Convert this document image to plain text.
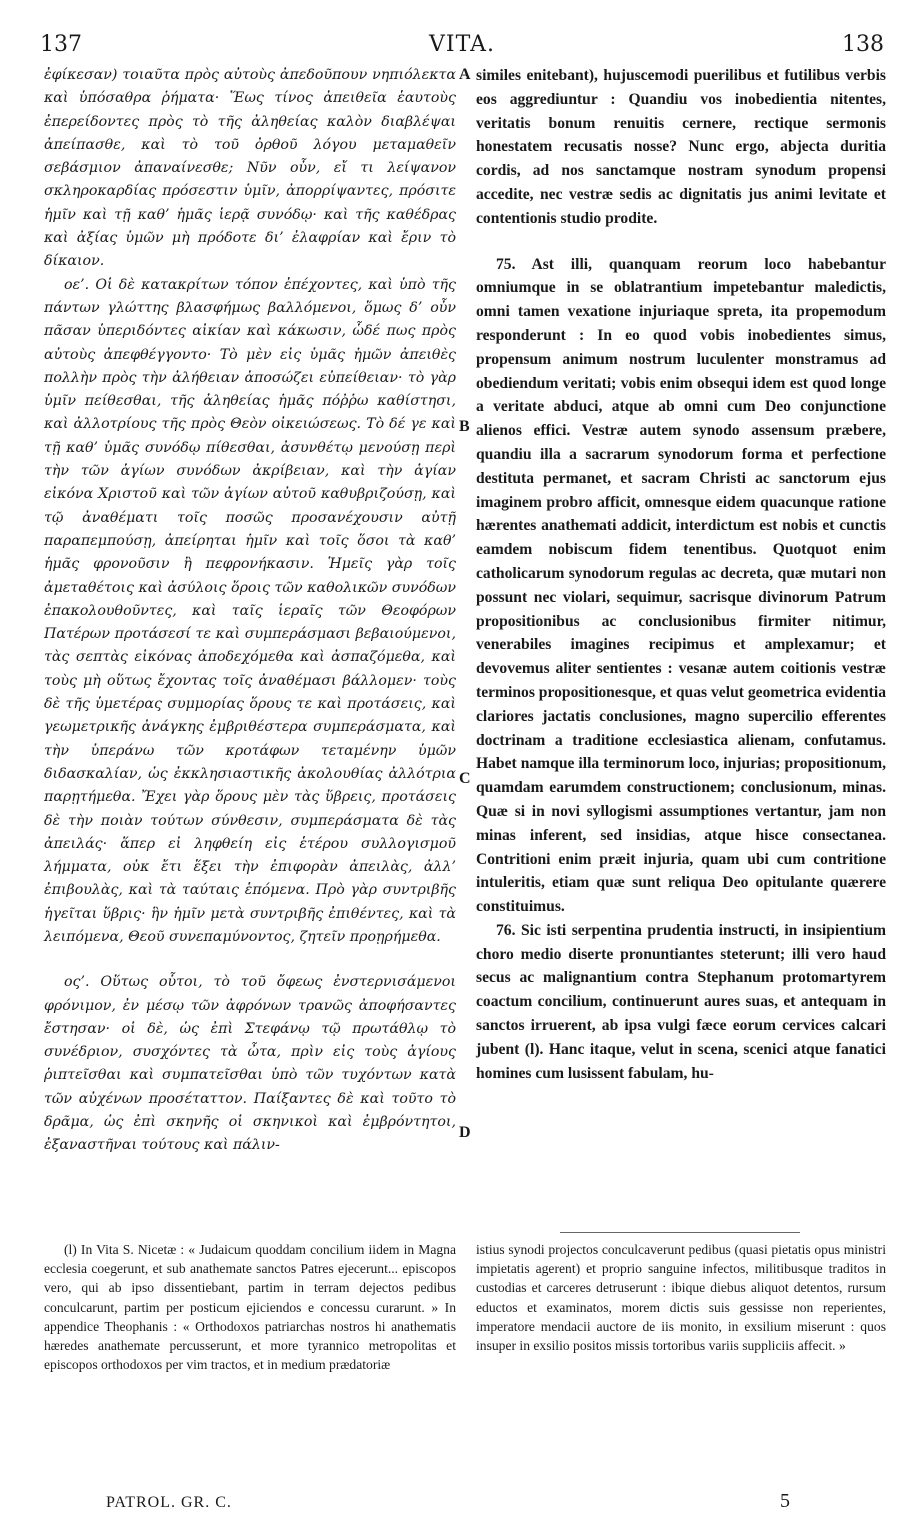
137	VITA.	138

ἐφίκεσαν) τοιαῦτα πρὸς αὐτοὺς ἀπεδοῦπουν νηπιόλεκτα καὶ ὑπόσαθρα ῥήματα· Ἕως τίνος ἀπειθεῖα ἑαυτοὺς ἐπερείδοντες πρὸς τὸ τῆς ἀληθείας καλὸν διαβλέψαι ἀπείπασθε, καὶ τὸ τοῦ ὀρθοῦ λόγου μεταμαθεῖν σεβάσμιον ἀπαναίνεσθε; Νῦν οὖν, εἴ τι λείψανον σκληροκαρδίας πρόσεστιν ὑμῖν, ἀπορρίψαντες, πρόσιτε ἡμῖν καὶ τῇ καθ’ ἡμᾶς ἱερᾷ συνόδῳ· καὶ τῆς καθέδρας καὶ ἀξίας ὑμῶν μὴ πρόδοτε δι’ ἐλαφρίαν καὶ ἔριν τὸ δίκαιον.

οε’. Οἱ δὲ κατακρίτων τόπον ἐπέχοντες, καὶ ὑπὸ τῆς πάντων γλώττης βλασφήμως βαλλόμενοι, ὅμως δ’ οὖν πᾶσαν ὑπεριδόντες αἰκίαν καὶ κάκωσιν, ὧδέ πως πρὸς αὐτοὺς ἀπεφθέγγοντο· Τὸ μὲν εἰς ὑμᾶς ἡμῶν ἀπειθὲς πολλὴν πρὸς τὴν ἀλήθειαν ἀποσώζει εὐπείθειαν· τὸ γὰρ ὑμῖν πείθεσθαι, τῆς ἀληθείας ἡμᾶς πόῤῥω καθίστησι, καὶ ἀλλοτρίους τῆς πρὸς Θεὸν οἰκειώσεως. Τὸ δέ γε καὶ τῇ καθ’ ὑμᾶς συνόδῳ πίθεσθαι, ἀσυνθέτῳ μενούσῃ περὶ τὴν τῶν ἁγίων συνόδων ἀκρίβειαν, καὶ τὴν ἁγίαν εἰκόνα Χριστοῦ καὶ τῶν ἁγίων αὐτοῦ καθυβριζούσῃ, καὶ τῷ ἀναθέματι τοῖς ποσῶς προσανέχουσιν αὐτῇ παραπεμπούσῃ, ἀπείρηται ἡμῖν καὶ τοῖς ὅσοι τὰ καθ’ ἡμᾶς φρονοῦσιν ἢ πεφρονήκασιν. Ἡμεῖς γὰρ τοῖς ἀμεταθέτοις καὶ ἀσύλοις ὅροις τῶν καθολικῶν συνόδων ἐπακολουθοῦντες, καὶ ταῖς ἱεραῖς τῶν Θεοφόρων Πατέρων προτάσεσί τε καὶ συμπεράσμασι βεβαιούμενοι, τὰς σεπτὰς εἰκόνας ἀποδεχόμεθα καὶ ἀσπαζόμεθα, καὶ τοὺς μὴ οὕτως ἔχοντας τοῖς ἀναθέμασι βάλλομεν· τοὺς δὲ τῆς ὑμετέρας συμμορίας ὅρους τε καὶ προτάσεις, καὶ γεωμετρικῆς ἀνάγκης ἐμβριθέστερα συμπεράσματα, καὶ τὴν ὑπεράνω τῶν κροτάφων τεταμένην ὑμῶν διδασκαλίαν, ὡς ἐκκλησιαστικῆς ἀκολουθίας ἀλλότρια παρῃτήμεθα. Ἔχει γὰρ ὅρους μὲν τὰς ὕβρεις, προτάσεις δὲ τὴν ποιὰν τούτων σύνθεσιν, συμπεράσματα δὲ τὰς ἀπειλάς· ἅπερ εἰ ληφθείη εἰς ἑτέρου συλλογισμοῦ λήμματα, οὐκ ἔτι ἕξει τὴν ἐπιφορὰν ἀπειλὰς, ἀλλ’ ἐπιβουλὰς, καὶ τὰ ταύταις ἑπόμενα. Πρὸ γὰρ συντριβῆς ἡγεῖται ὕβρις· ἣν ἡμῖν μετὰ συντριβῆς ἐπιθέντες, καὶ τὰ λειπόμενα, Θεοῦ συνεπαμύνοντος, ζητεῖν προῃρήμεθα.

ος’. Οὕτως οὗτοι, τὸ τοῦ ὄφεως ἐνστερνισάμενοι φρόνιμον, ἐν μέσῳ τῶν ἀφρόνων τρανῶς ἀποφήσαντες ἔστησαν· οἱ δὲ, ὡς ἐπὶ Στεφάνῳ τῷ πρωτάθλῳ τὸ συνέδριον, συσχόντες τὰ ὦτα, πρὶν εἰς τοὺς ἁγίους ῥιπτεῖσθαι καὶ συμπατεῖσθαι ὑπὸ τῶν τυχόντων κατὰ τῶν αὐχένων προσέταττον. Παίξαντες δὲ καὶ τοῦτο τὸ δρᾶμα, ὡς ἐπὶ σκηνῆς οἱ σκηνικοὶ καὶ ἐμβρόντητοι, ἐξαναστῆναι τούτους καὶ πάλιν-

A
B
C
D

similes enitebant), hujuscemodi puerilibus et futilibus verbis eos aggrediuntur : Quandiu vos inobedientia nitentes, veritatis bonum renuitis cernere, rectique sermonis honestatem recusatis nosse? Nunc ergo, abjecta duritia cordis, ad nos sanctamque nostram synodum propensi accedite, nec vestræ sedis ac dignitatis jus animi levitate et contentionis studio prodite.

75. Ast illi, quanquam reorum loco habebantur omniumque in se oblatrantium impetebantur maledictis, omni tamen vexatione injuriaque spreta, ita propemodum responderunt : In eo quod vobis inobedientes simus, propensum animum nostrum luculenter monstramus ad obediendum veritati; vobis enim obsequi idem est quod longe a veritate abduci, atque ab omni cum Deo conjunctione alienos effici. Vestræ autem synodo assensum præbere, quandiu illa a sacrarum synodorum forma et perfectione destituta permanet, et sacram Christi ac sanctorum ejus imaginem probro afficit, omnesque eidem quacunque ratione hærentes anathemati addicit, interdictum est nobis et cunctis eamdem nobiscum fidem tenentibus. Quotquot enim catholicarum synodorum regulas ac decreta, quæ mutari non possunt nec violari, sequimur, sacrisque divinorum Patrum propositionibus ac conclusionibus firmiter nitimur, venerabiles imagines recipimus et amplexamur; et devovemus aliter sentientes : vesanæ autem coitionis vestræ terminos propositionesque, et quas velut geometrica evidentia clariores jactatis conclusiones, magno supercilio efferentes doctrinam a traditione ecclesiastica alienam, confutamus. Habet namque illa terminorum loco, injurias; propositionum, quamdam earumdem constructionem; conclusionum, minas. Quæ si in novi syllogismi assumptiones vertantur, jam non minas inferent, sed insidias, atque hisce consectanea. Contritioni enim præit injuria, quam ubi cum contritione intuleritis, etiam quæ sunt reliqua Deo opitulante quærere constituimus.

76. Sic isti serpentina prudentia instructi, in insipientium choro medio diserte pronuntiantes steterunt; illi vero haud secus ac malignantium contra Stephanum protomartyrem coactum concilium, continuerunt aures suas, et antequam in sanctos irruerent, ab ipsa vulgi fæce eorum cervices calcari jubent (l). Hanc itaque, velut in scena, scenici atque fanatici homines cum lusissent fabulam, hu-

(l) In Vita S. Nicetæ : « Judaicum quoddam concilium iidem in Magna ecclesia coegerunt, et sub anathemate sanctos Patres ejecerunt... episcopos vero, qui ab ipso dissentiebant, partim in terram dejectos pedibus conculcarunt, partim per posticum ejiciendos e concessu curarunt. » In appendice Theophanis : « Orthodoxos patriarchas nostros hi anathematis hæredes anathemate percusserunt, et more tyrannico metropolitas et episcopos orthodoxos per vim tractos, et in medium prædatoriæ

istius synodi projectos conculcaverunt pedibus (quasi pietatis opus ministri impietatis agerent) et proprio sanguine infectos, militibusque traditos in custodias et carceres detruserunt : ibique diebus aliquot detentos, rursum eductos et examinatos, morem dictis suis gessisse non reperientes, imperatore mendacii auctore de iis monito, in exsilium miserunt : quos insuper in exsilio positos missis tortoribus variis suppliciis affecit. »

PATROL. GR. C.	5
